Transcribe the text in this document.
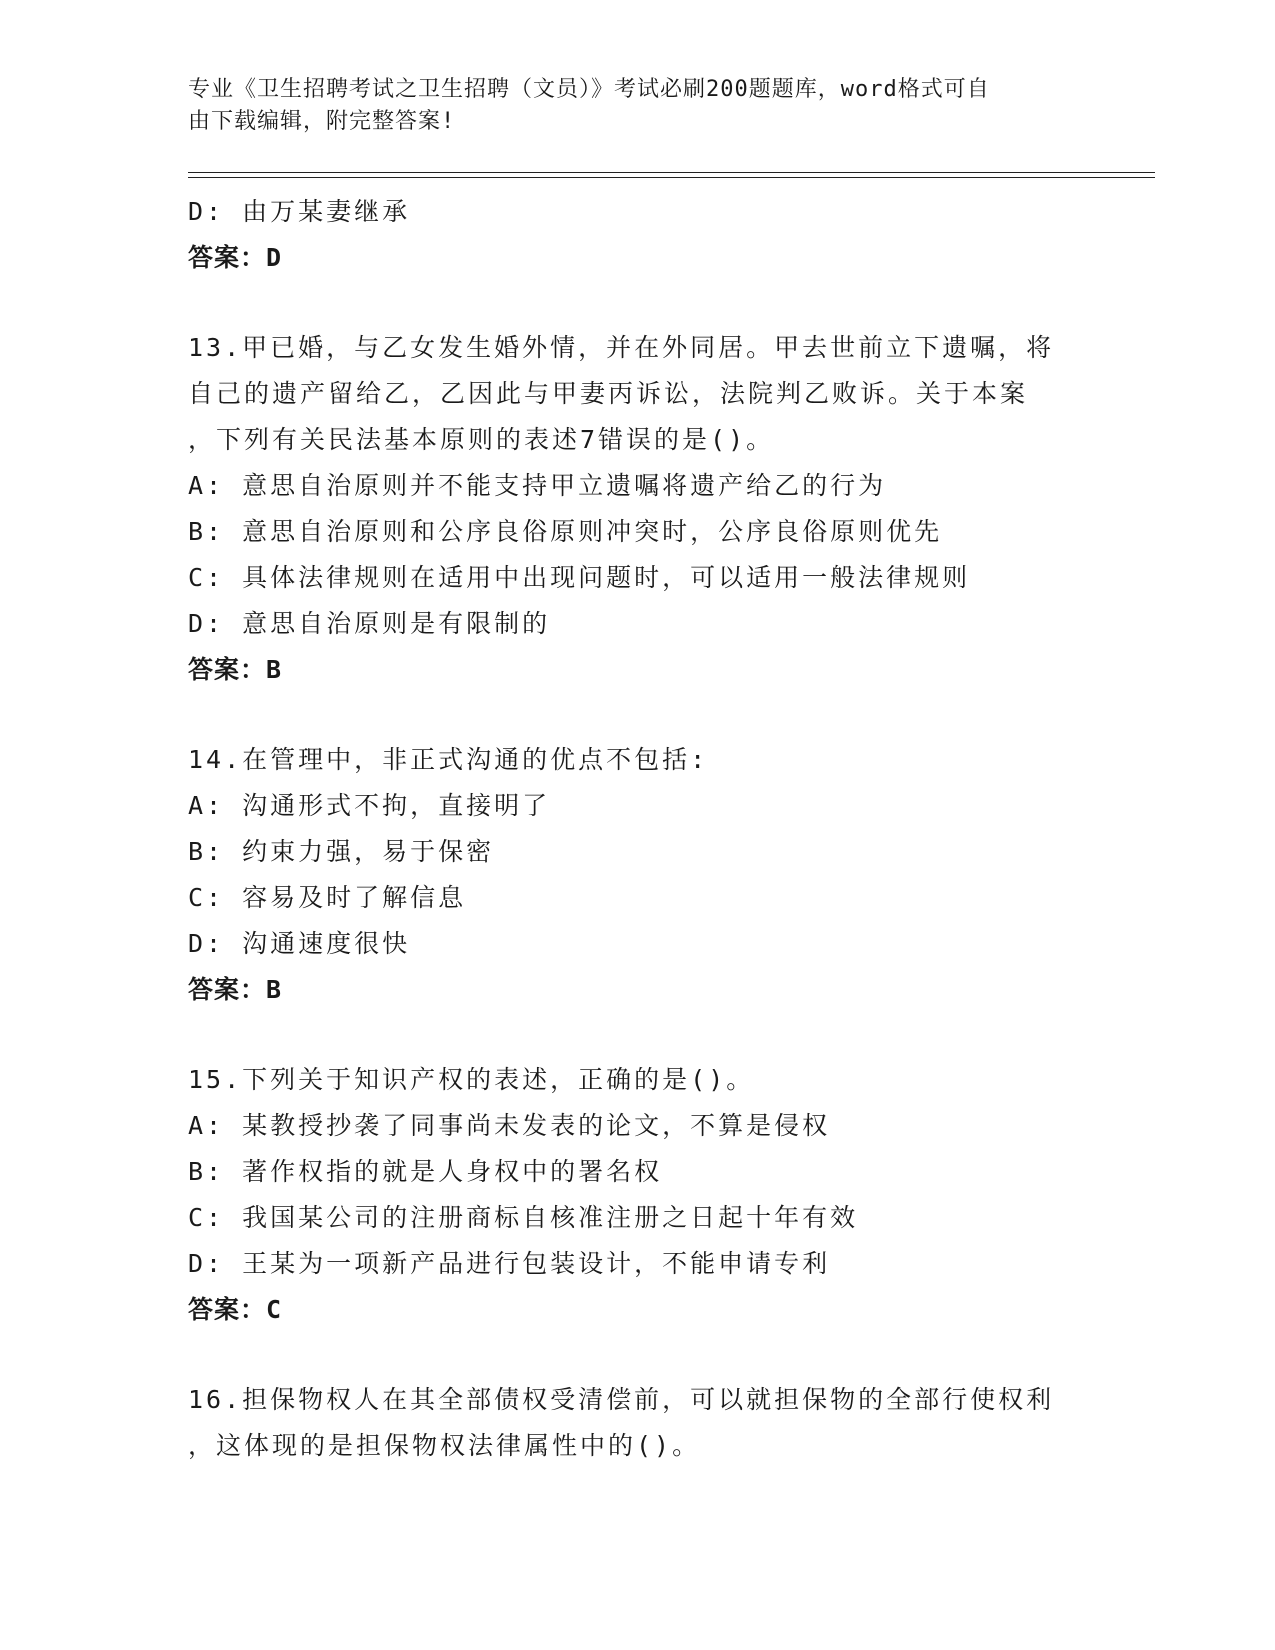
专业《卫生招聘考试之卫生招聘（文员）》考试必刷200题题库，word格式可自
由下载编辑，附完整答案!
D: 由万某妻继承
答案：D
13.甲已婚，与乙女发生婚外情，并在外同居。甲去世前立下遗嘱，将
自己的遗产留给乙，乙因此与甲妻丙诉讼，法院判乙败诉。关于本案
，下列有关民法基本原则的表述7错误的是()。
A: 意思自治原则并不能支持甲立遗嘱将遗产给乙的行为
B: 意思自治原则和公序良俗原则冲突时，公序良俗原则优先
C: 具体法律规则在适用中出现问题时，可以适用一般法律规则
D: 意思自治原则是有限制的
答案：B
14.在管理中，非正式沟通的优点不包括:
A: 沟通形式不拘，直接明了
B: 约束力强，易于保密
C: 容易及时了解信息
D: 沟通速度很快
答案：B
15.下列关于知识产权的表述，正确的是()。
A: 某教授抄袭了同事尚未发表的论文，不算是侵权
B: 著作权指的就是人身权中的署名权
C: 我国某公司的注册商标自核准注册之日起十年有效
D: 王某为一项新产品进行包装设计，不能申请专利
答案：C
16.担保物权人在其全部债权受清偿前，可以就担保物的全部行使权利
，这体现的是担保物权法律属性中的()。
